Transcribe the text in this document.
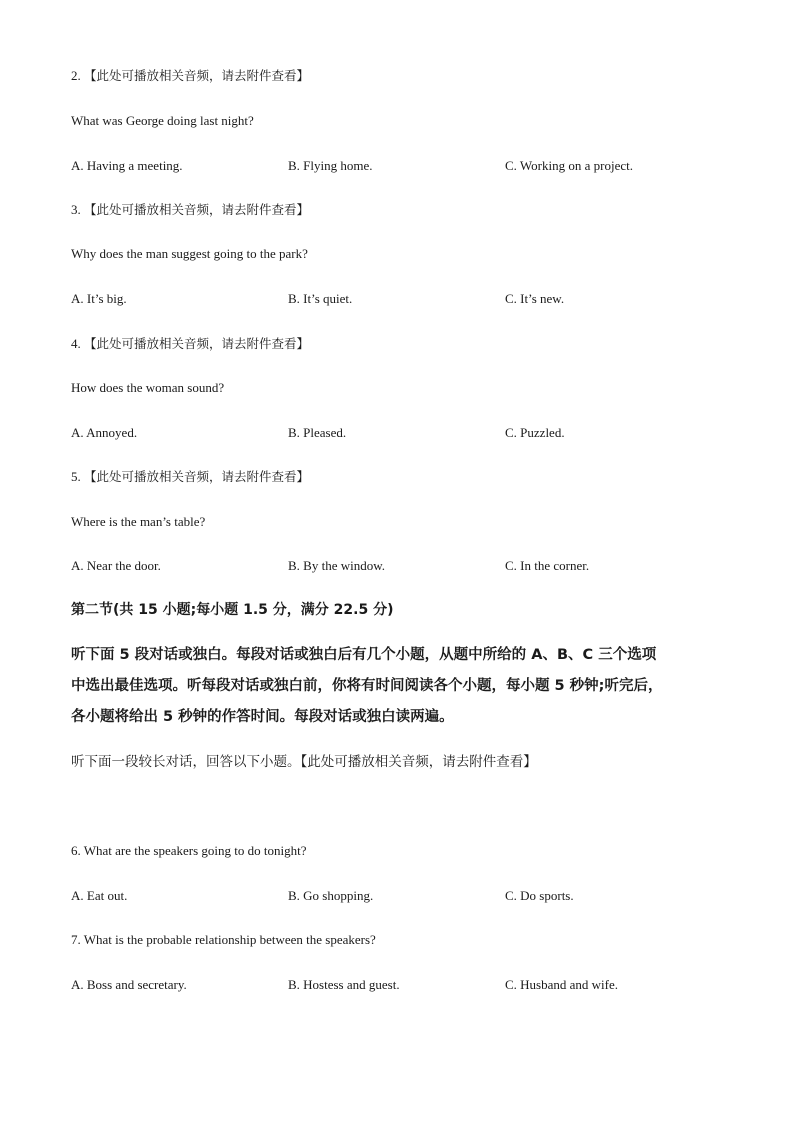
2. 【此处可播放相关音频，请去附件查看】
What was George doing last night?
A. Having a meeting.	B. Flying home.	C. Working on a project.
3. 【此处可播放相关音频，请去附件查看】
Why does the man suggest going to the park?
A. It’s big.	B. It’s quiet.	C. It’s new.
4. 【此处可播放相关音频，请去附件查看】
How does the woman sound?
A. Annoyed.	B. Pleased.	C. Puzzled.
5. 【此处可播放相关音频，请去附件查看】
Where is the man’s table?
A. Near the door.	B. By the window.	C. In the corner.
第二节(共 15 小题;每小题 1.5 分，满分 22.5 分)
听下面 5 段对话或独白。每段对话或独白后有几个小题，从题中所给的 A、B、C 三个选项
中选出最佳选项。听每段对话或独白前，你将有时间阅读各个小题，每小题 5 秒钟;听完后，
各小题将给出 5 秒钟的作答时间。每段对话或独白读两遍。
听下面一段较长对话，回答以下小题。【此处可播放相关音频，请去附件查看】
6. What are the speakers going to do tonight?
A. Eat out.	B. Go shopping.	C. Do sports.
7. What is the probable relationship between the speakers?
A. Boss and secretary.	B. Hostess and guest.	C. Husband and wife.
